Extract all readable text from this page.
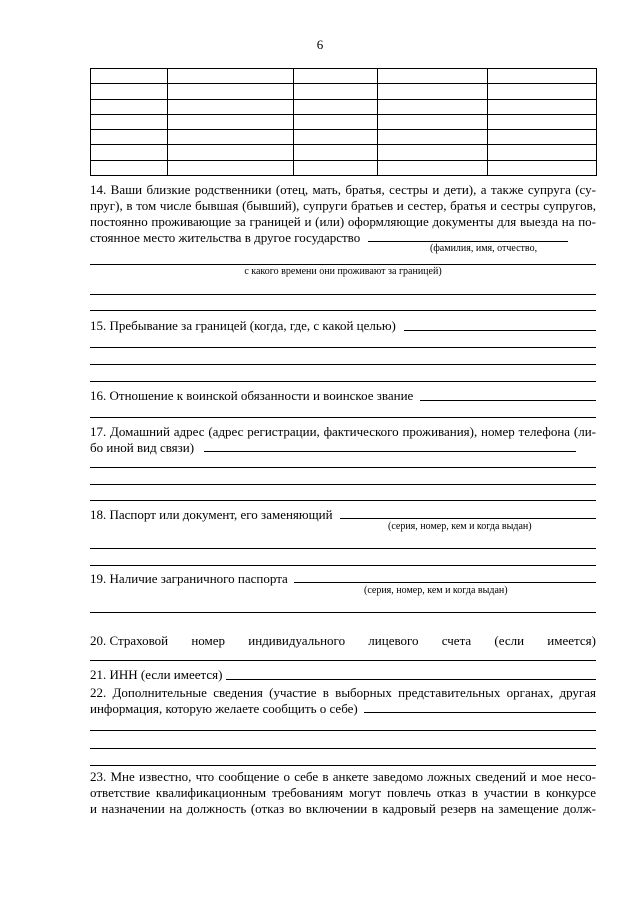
6

14. Ваши близкие родственники (отец, мать, братья, сестры и дети), а также супруга (су-
пруг), в том числе бывшая (бывший), супруги братьев и сестер, братья и сестры супругов,
постоянно проживающие за границей и (или) оформляющие документы для выезда на по-
стоянное место жительства в другое государство
(фамилия, имя, отчество,
с какого времени они проживают за границей)
15. Пребывание за границей (когда, где, с какой целью)
16. Отношение к воинской обязанности и воинское звание
17. Домашний адрес (адрес регистрации, фактического проживания), номер телефона (ли-
бо иной вид связи)
18. Паспорт или документ, его заменяющий
(серия, номер, кем и когда выдан)
19. Наличие заграничного паспорта
(серия, номер, кем и когда выдан)
20. Страховой номер индивидуального лицевого счета (если имеется)
21. ИНН (если имеется)
22. Дополнительные сведения (участие в выборных представительных органах, другая
информация, которую желаете сообщить о себе)
23. Мне известно, что сообщение о себе в анкете заведомо ложных сведений и мое несо-
ответствие квалификационным требованиям могут повлечь отказ в участии в конкурсе
и назначении на должность (отказ во включении в кадровый резерв на замещение долж-
